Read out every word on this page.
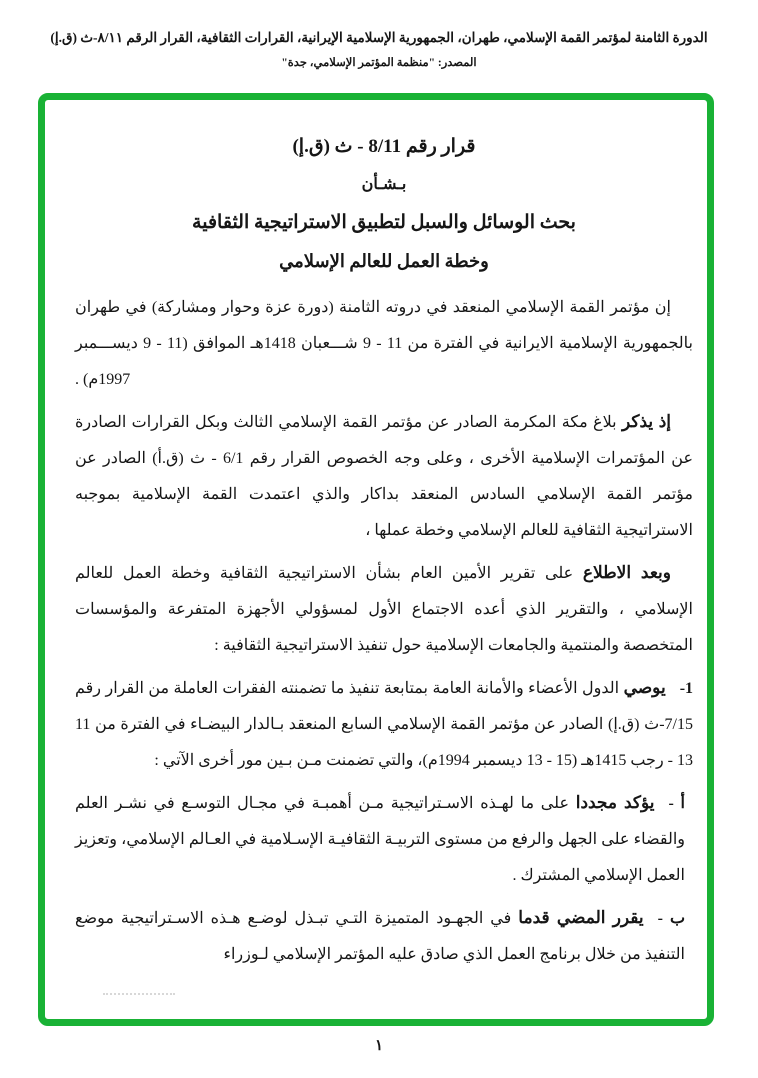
الدورة الثامنة لمؤتمر القمة الإسلامي، طهران، الجمهورية الإسلامية الإيرانية، القرارات الثقافية، القرار الرقم ٨/١١-ث (ق.إ)
المصدر: "منظمة المؤتمر الإسلامي، جدة"
قرار رقم 8/11 - ث (ق.إ)
بـشـأن
بحث الوسائل والسبل لتطبيق الاستراتيجية الثقافية
وخطة العمل للعالم الإسلامي

إن مؤتمر القمة الإسلامي المنعقد في دروته الثامنة (دورة عزة وحوار ومشاركة) في طهران بالجمهورية الإسلامية الايرانية في الفترة من ‭9 - 11‬ شـــعبان 1418هـ الموافق (‭9 - 11‬ ديســـمبر 1997م) .

إذ يذكر بلاغ مكة المكرمة الصادر عن مؤتمر القمة الإسلامي الثالث وبكل القرارات الصادرة عن المؤتمرات الإسلامية الأخرى ، وعلى وجه الخصوص القرار رقم 6/1 - ث (ق.أ) الصادر عن مؤتمر القمة الإسلامي السادس المنعقد بداكار والذي اعتمدت القمة الإسلامية بموجبه الاستراتيجية الثقافية للعالم الإسلامي وخطة عملها ،

وبعد الاطلاع على تقرير الأمين العام بشأن الاستراتيجية الثقافية وخطة العمل للعالم الإسلامي ، والتقرير الذي أعده الاجتماع الأول لمسؤولي الأجهزة المتفرعة والمؤسسات المتخصصة والمنتمية والجامعات الإسلامية حول تنفيذ الاستراتيجية الثقافية :

1-يوصي الدول الأعضاء والأمانة العامة بمتابعة تنفيذ ما تضمنته الفقرات العاملة من القرار رقم 7/15-ث (ق.إ) الصادر عن مؤتمر القمة الإسلامي السابع المنعقد بـالدار البيضـاء في الفترة من ‭11 - 13‬ رجب 1415هـ (‭13 - 15‬ ديسمبر 1994م)، والتي تضمنت مـن بـين مور أخرى الآتي :

أ -يؤكد مجددا على ما لهـذه الاسـتراتيجية مـن أهمبـة في مجـال التوسـع في نشـر العلم والقضاء على الجهل والرفع من مستوى التربيـة الثقافيـة الإسـلامية في العـالم الإسلامي، وتعزيز العمل الإسلامي المشترك .

ب -يقرر المضي قدما في الجهـود المتميزة التـي تبـذل لوضـع هـذه الاسـتراتيجية موضع التنفيذ من خلال برنامج العمل الذي صادق عليه المؤتمر الإسلامي لـوزراء

١
